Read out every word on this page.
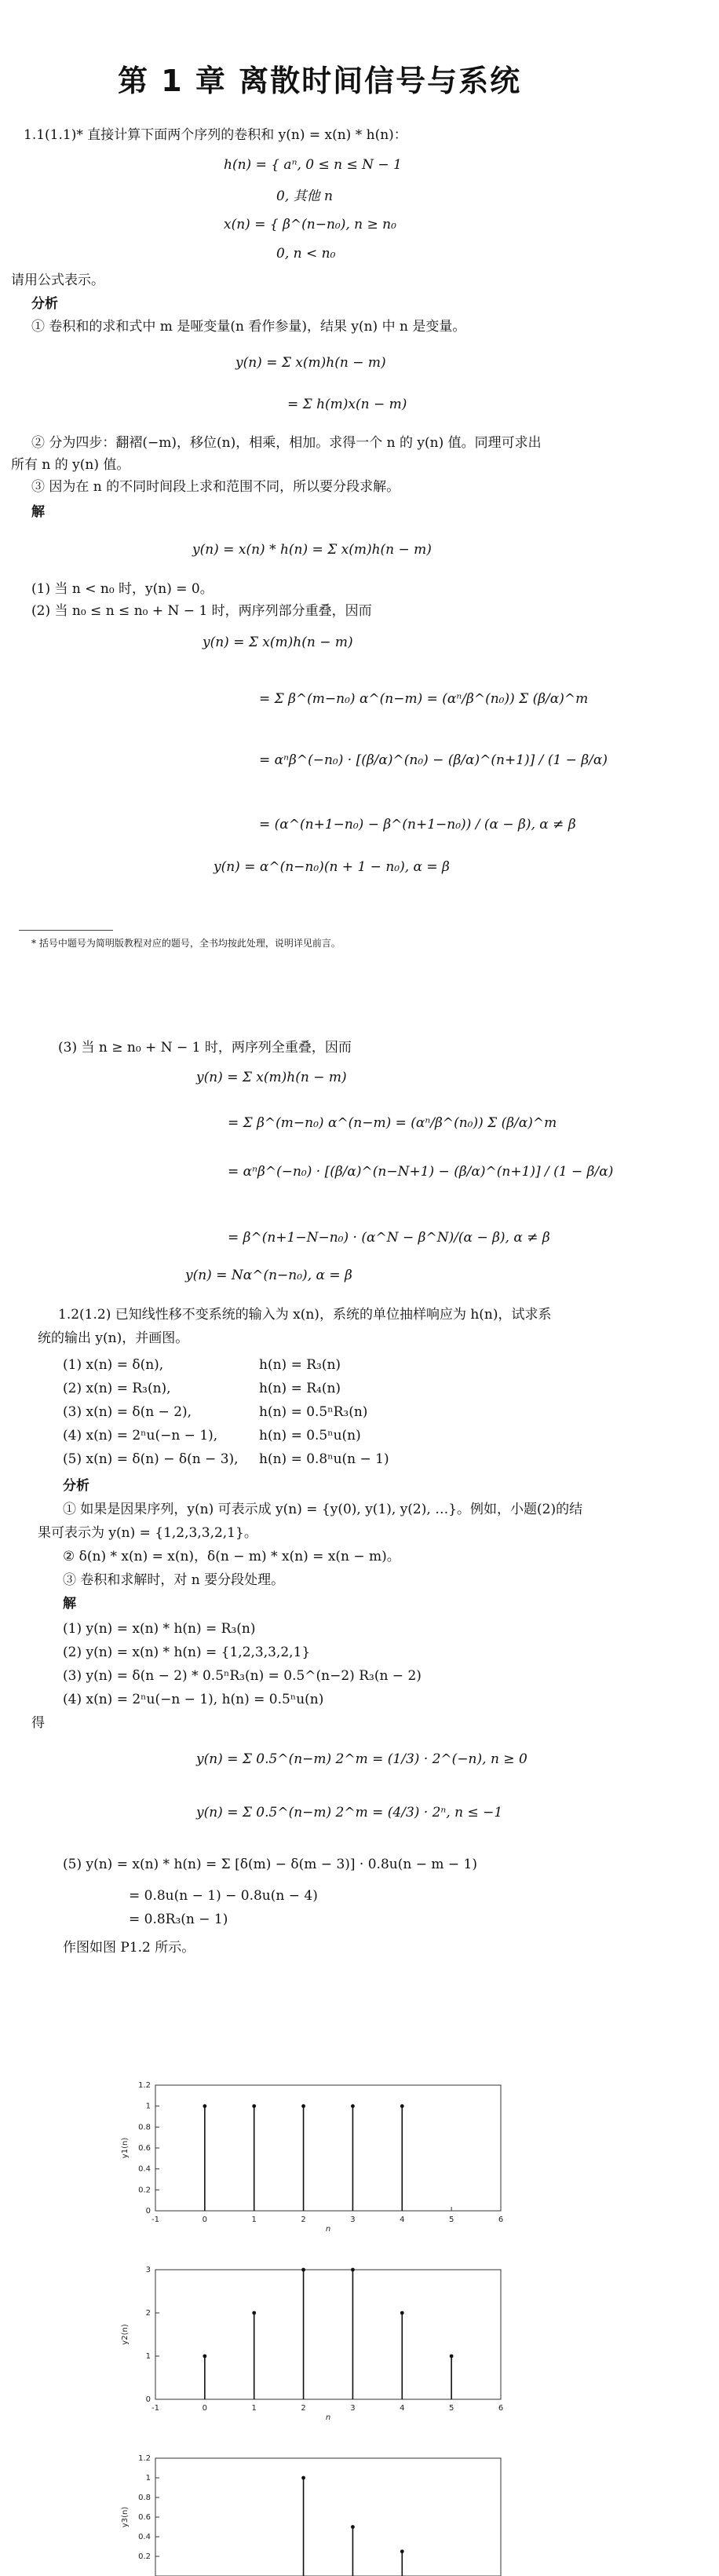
第 1 章 离散时间信号与系统
1.1(1.1)* 直接计算下面两个序列的卷积和 y(n) = x(n) * h(n)：
h(n) = { aⁿ, 0 ≤ n ≤ N − 1
0, 其他 n
x(n) = { β^(n−n₀), n ≥ n₀
0, n < n₀
请用公式表示。
分析
① 卷积和的求和式中 m 是哑变量(n 看作参量)，结果 y(n) 中 n 是变量。
y(n) = Σ x(m)h(n − m)
= Σ h(m)x(n − m)
② 分为四步：翻褶(−m)，移位(n)，相乘，相加。求得一个 n 的 y(n) 值。同理可求出
所有 n 的 y(n) 值。
③ 因为在 n 的不同时间段上求和范围不同，所以要分段求解。
解
y(n) = x(n) * h(n) = Σ x(m)h(n − m)
(1) 当 n < n₀ 时，y(n) = 0。
(2) 当 n₀ ≤ n ≤ n₀ + N − 1 时，两序列部分重叠，因而
y(n) = Σ x(m)h(n − m)
= Σ β^(m−n₀) α^(n−m) = (αⁿ/β^(n₀)) Σ (β/α)^m
= αⁿβ^(−n₀) · [(β/α)^(n₀) − (β/α)^(n+1)] / (1 − β/α)
= (α^(n+1−n₀) − β^(n+1−n₀)) / (α − β), α ≠ β
y(n) = α^(n−n₀)(n + 1 − n₀), α = β
* 括号中题号为简明版教程对应的题号，全书均按此处理，说明详见前言。
(3) 当 n ≥ n₀ + N − 1 时，两序列全重叠，因而
y(n) = Σ x(m)h(n − m)
= Σ β^(m−n₀) α^(n−m) = (αⁿ/β^(n₀)) Σ (β/α)^m
= αⁿβ^(−n₀) · [(β/α)^(n−N+1) − (β/α)^(n+1)] / (1 − β/α)
= β^(n+1−N−n₀) · (α^N − β^N)/(α − β), α ≠ β
y(n) = Nα^(n−n₀), α = β
1.2(1.2) 已知线性移不变系统的输入为 x(n)，系统的单位抽样响应为 h(n)，试求系
统的输出 y(n)，并画图。
(1) x(n) = δ(n),	h(n) = R₃(n)
(2) x(n) = R₃(n),	h(n) = R₄(n)
(3) x(n) = δ(n − 2),	h(n) = 0.5ⁿR₃(n)
(4) x(n) = 2ⁿu(−n − 1),	h(n) = 0.5ⁿu(n)
(5) x(n) = δ(n) − δ(n − 3), h(n) = 0.8ⁿu(n − 1)
分析
① 如果是因果序列，y(n) 可表示成 y(n) = {y(0), y(1), y(2), …}。例如，小题(2)的结
果可表示为 y(n) = {1,2,3,3,2,1}。
② δ(n) * x(n) = x(n)，δ(n − m) * x(n) = x(n − m)。
③ 卷积和求解时，对 n 要分段处理。
解
(1) y(n) = x(n) * h(n) = R₃(n)
(2) y(n) = x(n) * h(n) = {1,2,3,3,2,1}
(3) y(n) = δ(n − 2) * 0.5ⁿR₃(n) = 0.5^(n−2) R₃(n − 2)
(4) x(n) = 2ⁿu(−n − 1), h(n) = 0.5ⁿu(n)
得
y(n) = Σ 0.5^(n−m) 2^m = (1/3) · 2^(−n), n ≥ 0
y(n) = Σ 0.5^(n−m) 2^m = (4/3) · 2ⁿ, n ≤ −1
(5) y(n) = x(n) * h(n) = Σ [δ(m) − δ(m − 3)] · 0.8u(n − m − 1)
= 0.8u(n − 1) − 0.8u(n − 4)
= 0.8R₃(n − 1)
作图如图 P1.2 所示。
0
0.2
0.4
0.6
0.8
1
1.2
-1	0	1	2	3	4	5	6
n
y1(n)
0
1
2
3
-1	0	1	2	3	4	5	6
n
y2(n)
0.2
0.4
0.6
0.8
1
1.2
y3(n)
